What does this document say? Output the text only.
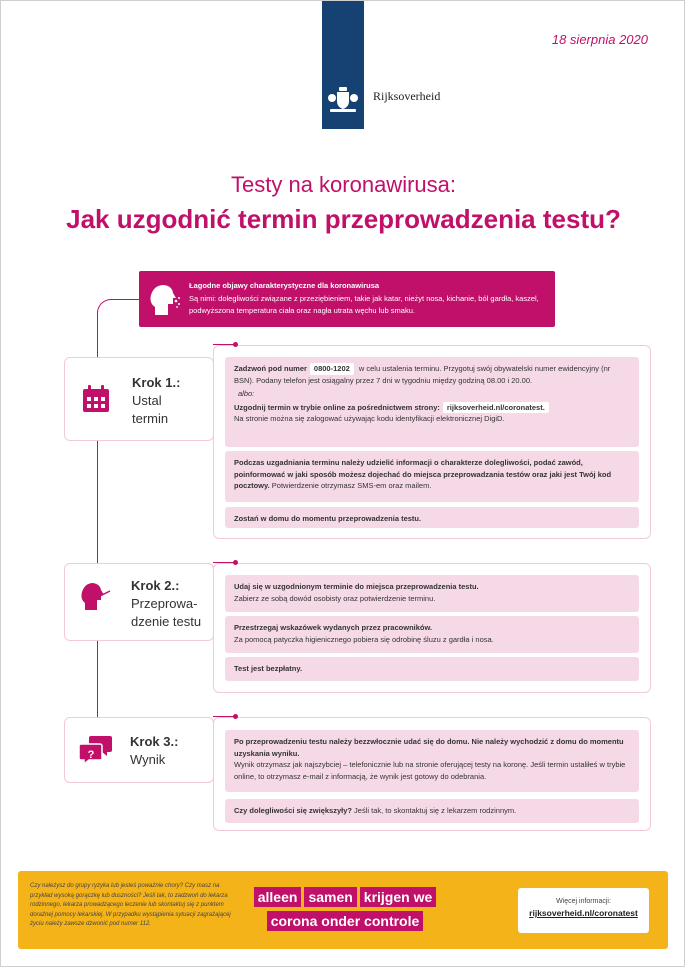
18 sierpnia 2020
Rijksoverheid
Testy na koronawirusa:
Jak uzgodnić termin przeprowadzenia testu?
Łagodne objawy charakterystyczne dla koronawirusa
Są nimi: dolegliwości związane z przeziębieniem, takie jak katar, nieżyt nosa, kichanie, ból gardła, kaszel, podwyższona temperatura ciała oraz nagła utrata węchu lub smaku.
Krok 1.:
Ustal
termin
Zadzwoń pod numer 0800-1202 w celu ustalenia terminu. Przygotuj swój obywatelski numer ewidencyjny (nr BSN). Podany telefon jest osiągalny przez 7 dni w tygodniu między godziną 08.00 i 20.00.
albo:
Uzgodnij termin w trybie online za pośrednictwem strony: rijksoverheid.nl/coronatest.
Na stronie można się zalogować używając kodu identyfikacji elektronicznej DigiD.
Podczas uzgadniania terminu należy udzielić informacji o charakterze dolegliwości, podać zawód, poinformować w jaki sposób możesz dojechać do miejsca przeprowadzania testów oraz jaki jest Twój kod pocztowy. Potwierdzenie otrzymasz SMS-em oraz mailem.
Zostań w domu do momentu przeprowadzenia testu.
Krok 2.:
Przeprowa-
dzenie testu
Udaj się w uzgodnionym terminie do miejsca przeprowadzenia testu.
Zabierz ze sobą dowód osobisty oraz potwierdzenie terminu.
Przestrzegaj wskazówek wydanych przez pracowników.
Za pomocą patyczka higienicznego pobiera się odrobinę śluzu z gardła i nosa.
Test jest bezpłatny.
?
Krok 3.:
Wynik
Po przeprowadzeniu testu należy bezzwłocznie udać się do domu. Nie należy wychodzić z domu do momentu uzyskania wyniku.
Wynik otrzymasz jak najszybciej – telefonicznie lub na stronie oferującej testy na koronę. Jeśli termin ustaliłeś w trybie online, to otrzymasz e-mail z informacją, że wynik jest gotowy do odebrania.
Czy dolegliwości się zwiększyły? Jeśli tak, to skontaktuj się z lekarzem rodzinnym.
Czy należysz do grupy ryzyka lub jesteś poważnie chory? Czy masz na przykład wysoką gorączkę lub duszności? Jeśli tak, to zadzwoń do lekarza rodzinnego, lekarza prowadzącego leczenie lub skontaktuj się z punktem doraźnej pomocy lekarskiej. W przypadku wystąpienia sytuacji zagrażającej życiu należy zawsze dzwonić pod numer 112.
alleen samen krijgen we
corona onder controle
Więcej informacji:
rijksoverheid.nl/coronatest
